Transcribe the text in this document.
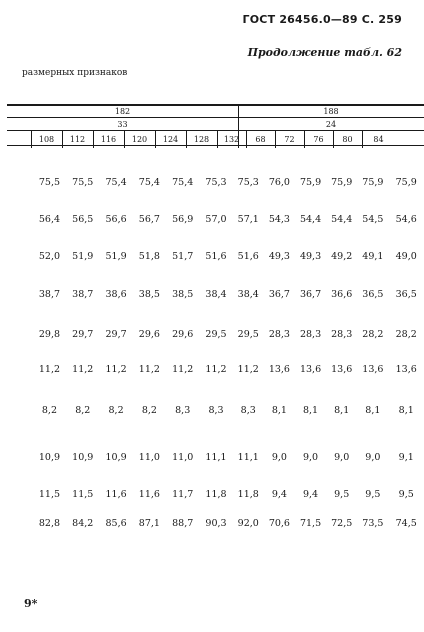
ГОСТ 26456.0—89 С. 259
Продолжение табл. 62
размерных признаков
182	188
33	24
108	112	116	120	124	128	132	68	72	76	80	84
	75,5	75,5	75,4	75,4	75,4	75,3	75,3	76,0	75,9	75,9	75,9	75,9
	56,4	56,5	56,6	56,7	56,9	57,0	57,1	54,3	54,4	54,4	54,5	54,6
	52,0	51,9	51,9	51,8	51,7	51,6	51,6	49,3	49,3	49,2	49,1	49,0
	38,7	38,7	38,6	38,5	38,5	38,4	38,4	36,7	36,7	36,6	36,5	36,5
	29,8	29,7	29,7	29,6	29,6	29,5	29,5	28,3	28,3	28,3	28,2	28,2
	11,2	11,2	11,2	11,2	11,2	11,2	11,2	13,6	13,6	13,6	13,6	13,6
	8,2	8,2	8,2	8,2	8,3	8,3	8,3	8,1	8,1	8,1	8,1	8,1
	10,9	10,9	10,9	11,0	11,0	11,1	11,1	9,0	9,0	9,0	9,0	9,1
	11,5	11,5	11,6	11,6	11,7	11,8	11,8	9,4	9,4	9,5	9,5	9,5
	82,8	84,2	85,6	87,1	88,7	90,3	92,0	70,6	71,5	72,5	73,5	74,5
9*
